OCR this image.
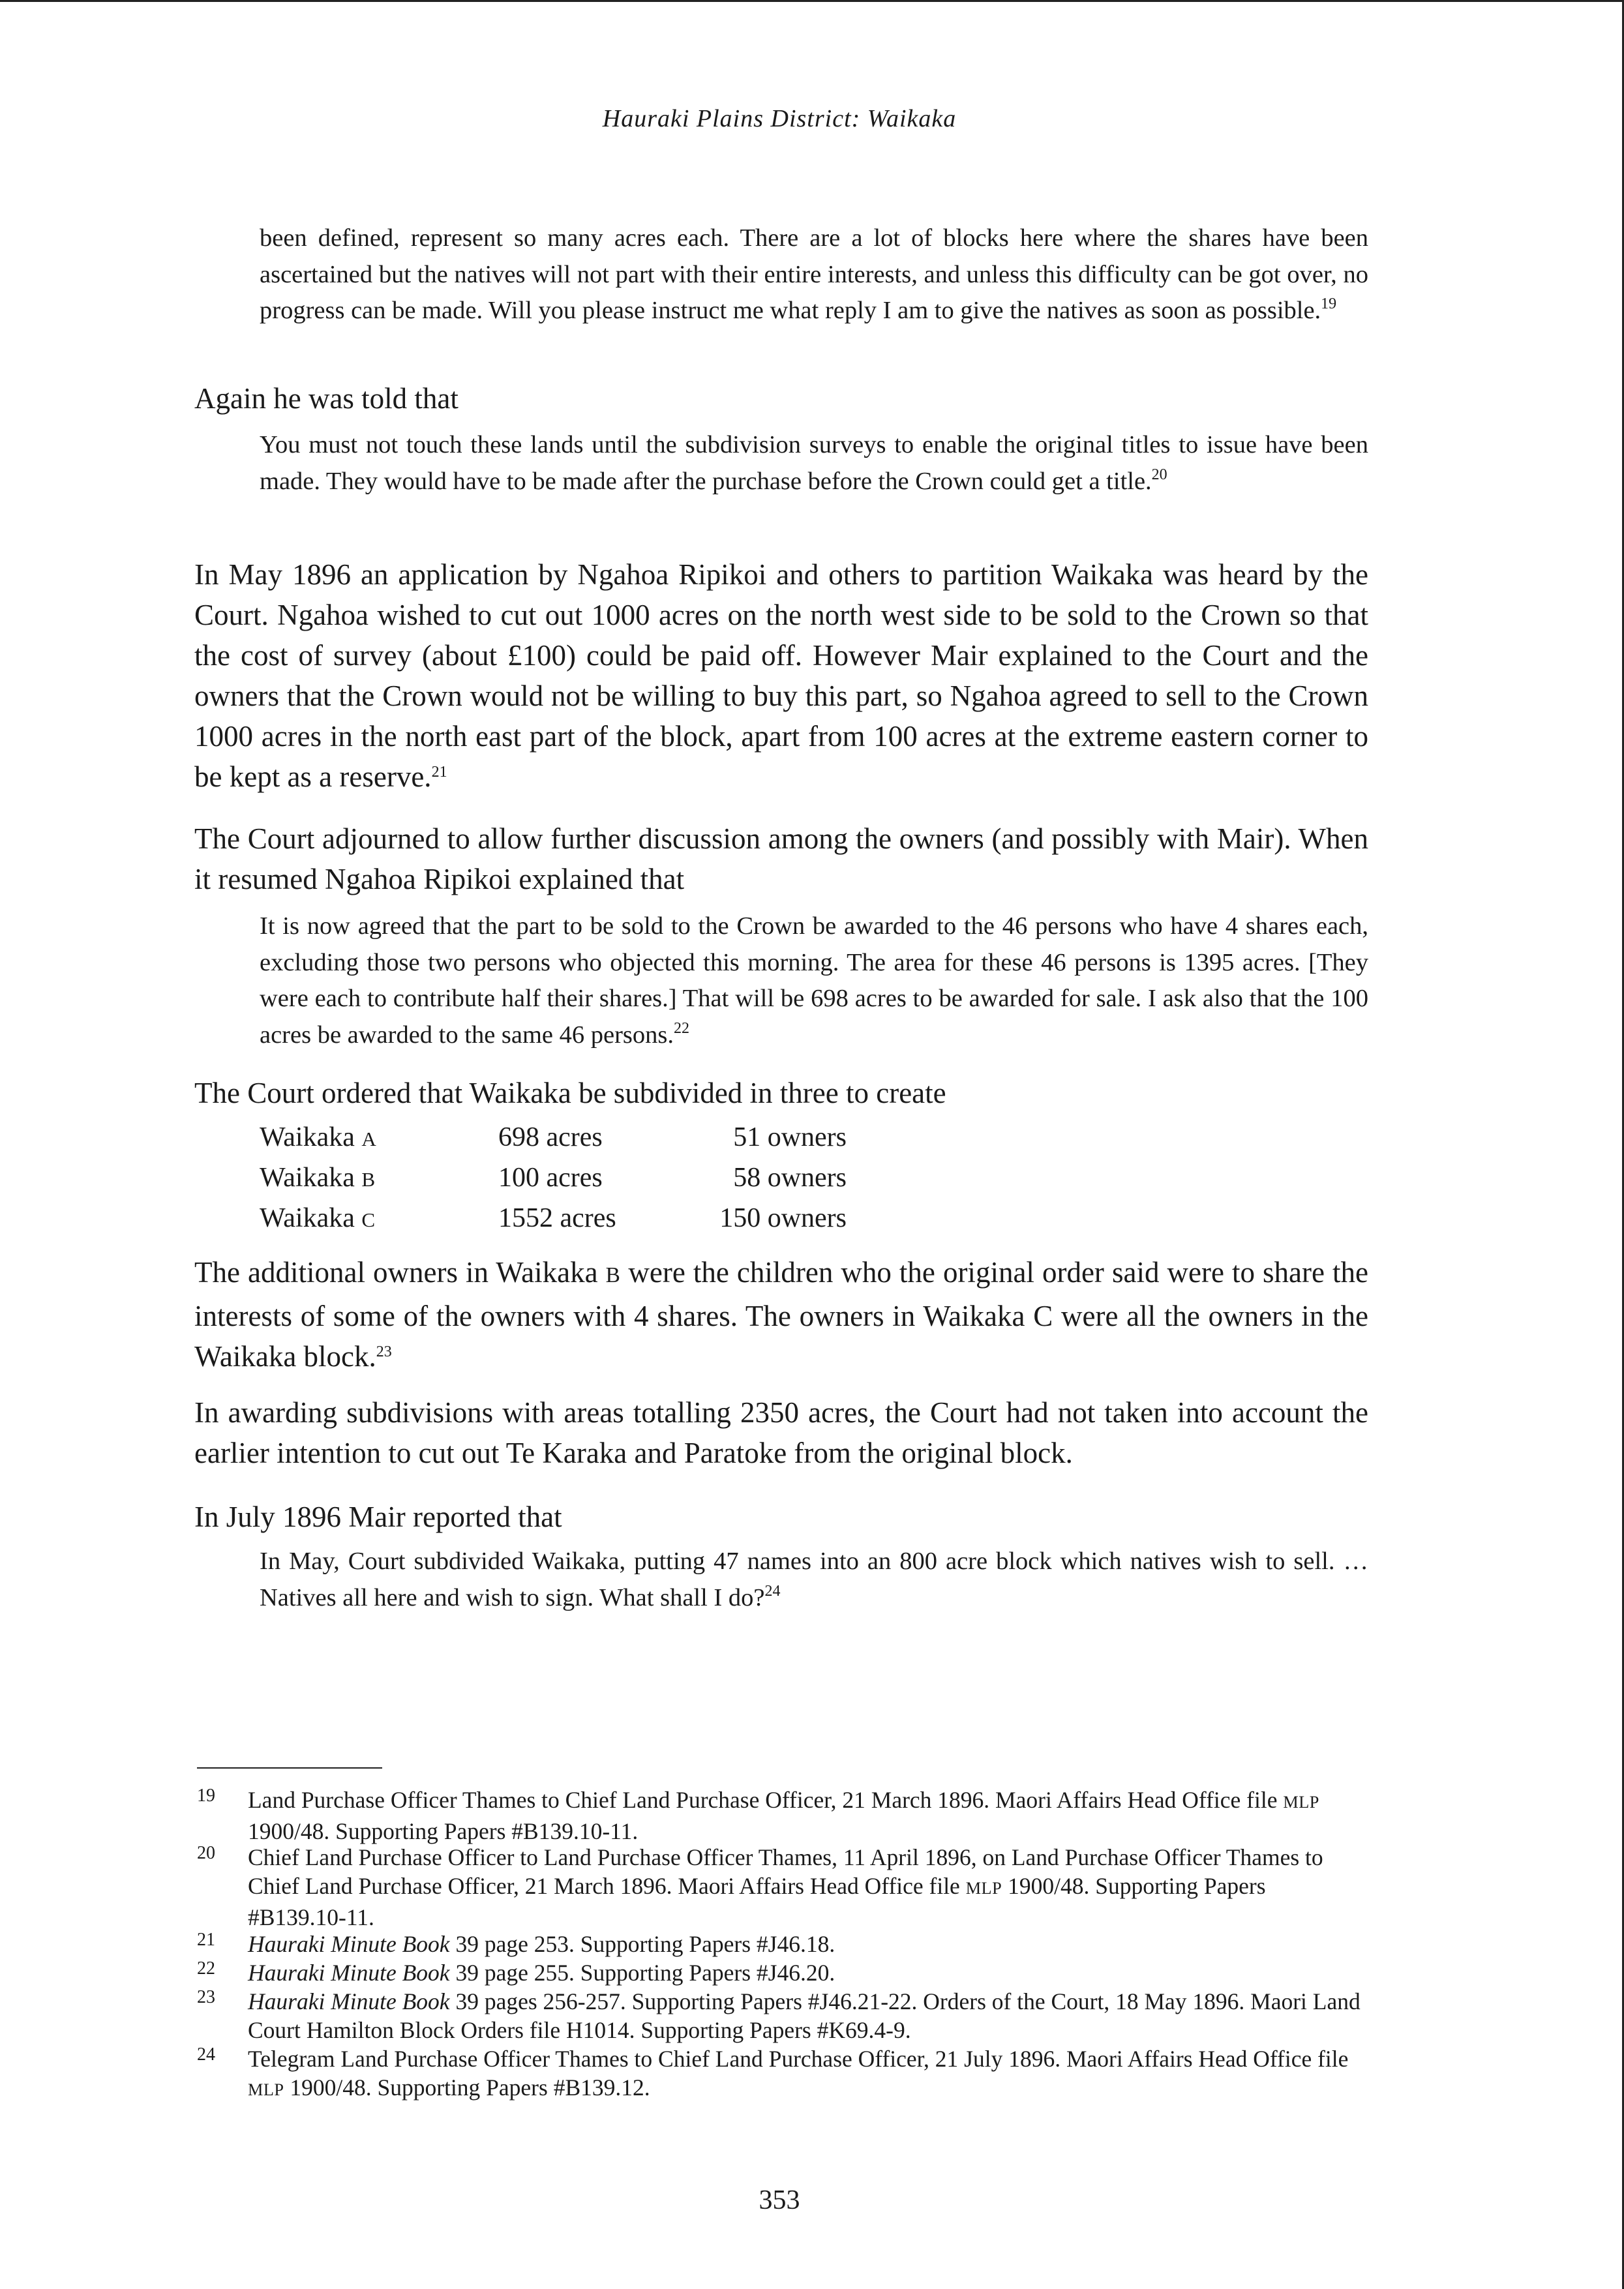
Hauraki Plains District: Waikaka

been defined, represent so many acres each. There are a lot of blocks here where the shares have been ascertained but the natives will not part with their entire interests, and unless this difficulty can be got over, no progress can be made. Will you please instruct me what reply I am to give the natives as soon as possible.$^{19}$

Again he was told that

You must not touch these lands until the subdivision surveys to enable the original titles to issue have been made. They would have to be made after the purchase before the Crown could get a title.$^{20}$

In May 1896 an application by Ngahoa Ripikoi and others to partition Waikaka was heard by the Court. Ngahoa wished to cut out 1000 acres on the north west side to be sold to the Crown so that the cost of survey (about £100) could be paid off. However Mair explained to the Court and the owners that the Crown would not be willing to buy this part, so Ngahoa agreed to sell to the Crown 1000 acres in the north east part of the block, apart from 100 acres at the extreme eastern corner to be kept as a reserve.$^{21}$

The Court adjourned to allow further discussion among the owners (and possibly with Mair). When it resumed Ngahoa Ripikoi explained that

It is now agreed that the part to be sold to the Crown be awarded to the 46 persons who have 4 shares each, excluding those two persons who objected this morning. The area for these 46 persons is 1395 acres. [They were each to contribute half their shares.] That will be 698 acres to be awarded for sale. I ask also that the 100 acres be awarded to the same 46 persons.$^{22}$

The Court ordered that Waikaka be subdivided in three to create

Waikaka A	698 acres	51 owners
Waikaka B	100 acres	58 owners
Waikaka C	1552 acres	150 owners

The additional owners in Waikaka B were the children who the original order said were to share the interests of some of the owners with 4 shares. The owners in Waikaka C were all the owners in the Waikaka block.$^{23}$

In awarding subdivisions with areas totalling 2350 acres, the Court had not taken into account the earlier intention to cut out Te Karaka and Paratoke from the original block.

In July 1896 Mair reported that

In May, Court subdivided Waikaka, putting 47 names into an 800 acre block which natives wish to sell. … Natives all here and wish to sign. What shall I do?$^{24}$

19 Land Purchase Officer Thames to Chief Land Purchase Officer, 21 March 1896. Maori Affairs Head Office file MLP 1900/48. Supporting Papers #B139.10-11.
20 Chief Land Purchase Officer to Land Purchase Officer Thames, 11 April 1896, on Land Purchase Officer Thames to Chief Land Purchase Officer, 21 March 1896. Maori Affairs Head Office file MLP 1900/48. Supporting Papers #B139.10-11.
21 Hauraki Minute Book 39 page 253. Supporting Papers #J46.18.
22 Hauraki Minute Book 39 page 255. Supporting Papers #J46.20.
23 Hauraki Minute Book 39 pages 256-257. Supporting Papers #J46.21-22. Orders of the Court, 18 May 1896. Maori Land Court Hamilton Block Orders file H1014. Supporting Papers #K69.4-9.
24 Telegram Land Purchase Officer Thames to Chief Land Purchase Officer, 21 July 1896. Maori Affairs Head Office file MLP 1900/48. Supporting Papers #B139.12.
353
